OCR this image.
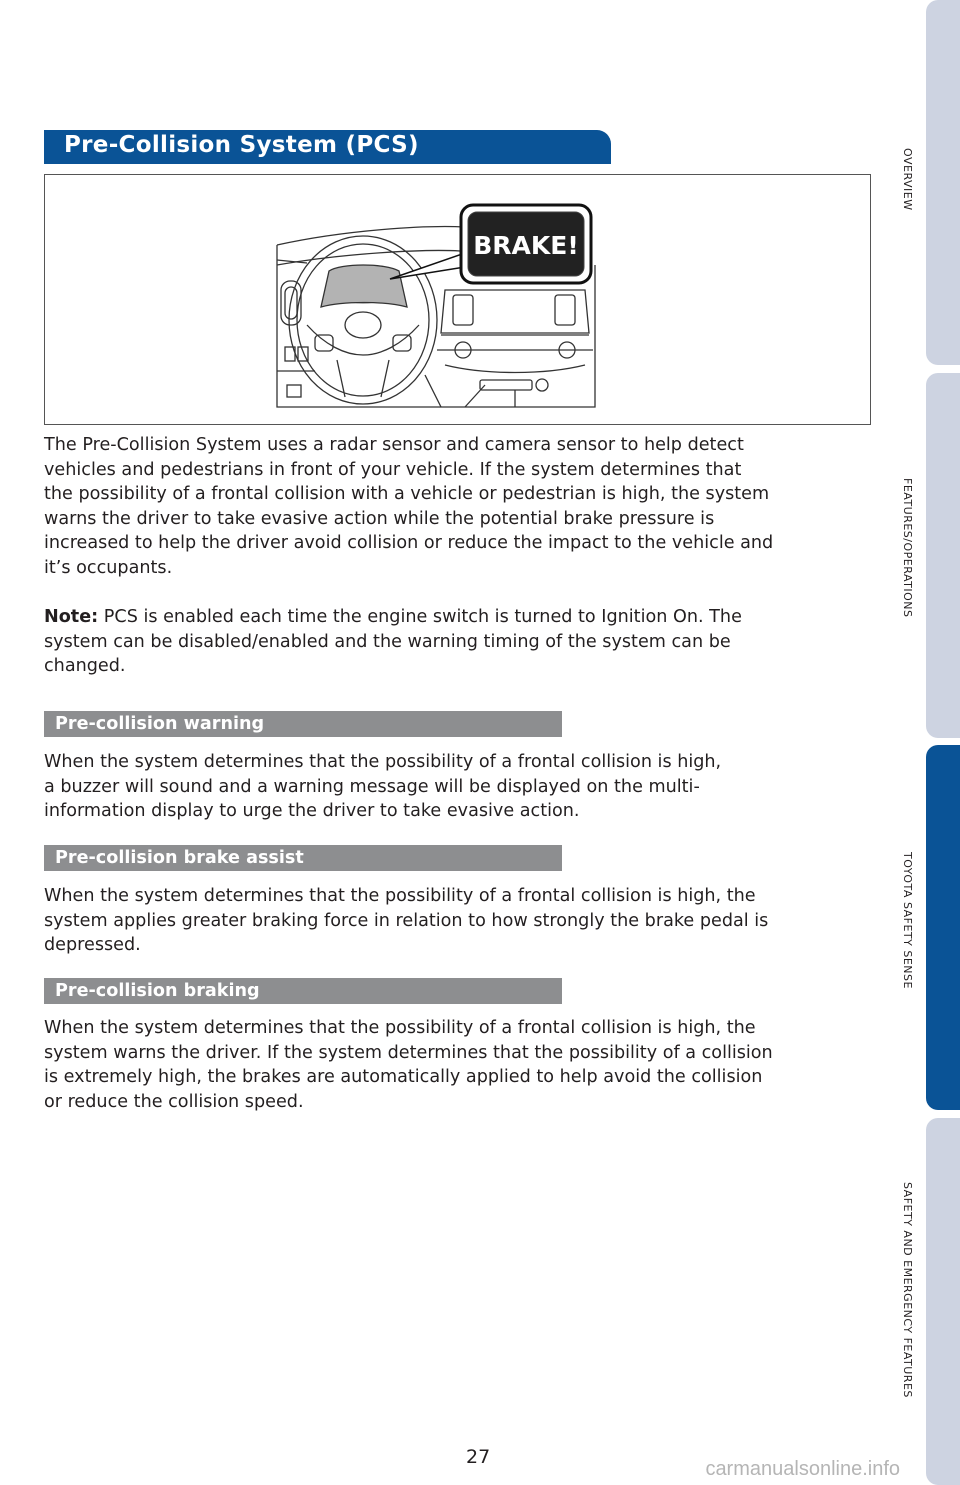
Pre-Collision System (PCS)
BRAKE!

The Pre-Collision System uses a radar sensor and camera sensor to help detect
vehicles and pedestrians in front of your vehicle. If the system determines that
the possibility of a frontal collision with a vehicle or pedestrian is high, the system
warns the driver to take evasive action while the potential brake pressure is
increased to help the driver avoid collision or reduce the impact to the vehicle and
it’s occupants.

Note: PCS is enabled each time the engine switch is turned to Ignition On. The
system can be disabled/enabled and the warning timing of the system can be
changed.

Pre-collision warning

When the system determines that the possibility of a frontal collision is high,
a buzzer will sound and a warning message will be displayed on the multi-
information display to urge the driver to take evasive action.

Pre-collision brake assist

When the system determines that the possibility of a frontal collision is high, the
system applies greater braking force in relation to how strongly the brake pedal is
depressed.

Pre-collision braking

When the system determines that the possibility of a frontal collision is high, the
system warns the driver. If the system determines that the possibility of a collision
is extremely high, the brakes are automatically applied to help avoid the collision
or reduce the collision speed.

OVERVIEW
FEATURES/OPERATIONS
TOYOTA SAFETY SENSE
SAFETY AND EMERGENCY FEATURES
27
carmanualsonline.info
